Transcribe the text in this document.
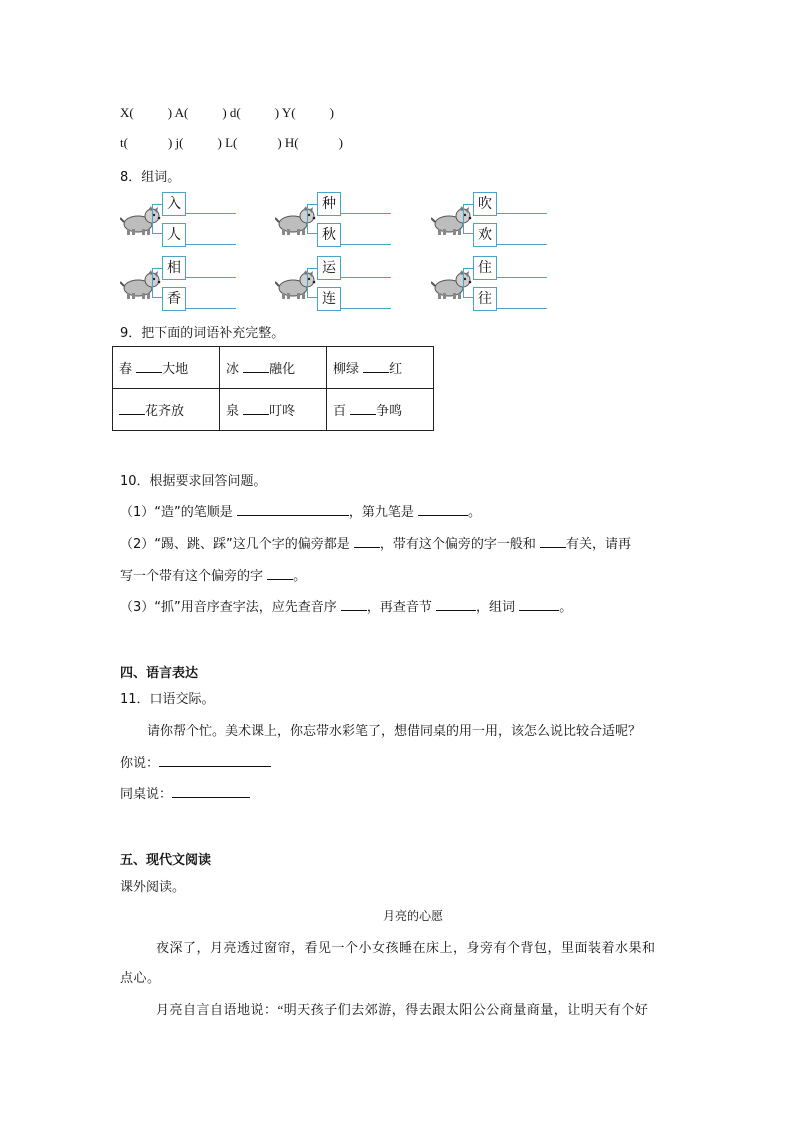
X(	) A(	) d(	) Y(	)
t(	) j(	) L(	) H(	)
8．组词。
入
人
种
秋
吹
欢
相
香
运
连
住
往
9．把下面的词语补充完整。
春 大地	冰 融化	柳绿 红
花齐放	泉 叮咚	百 争鸣
10．根据要求回答问题。
（1）“造”的笔顺是	，第九笔是	。
（2）“踢、跳、踩”这几个字的偏旁都是 ，带有这个偏旁的字一般和 有关，请再
写一个带有这个偏旁的字 。
（3）“抓”用音序查字法，应先查音序 ，再查音节	，组词	。
四、语言表达
11．口语交际。
请你帮个忙。美术课上，你忘带水彩笔了，想借同桌的用一用，该怎么说比较合适呢？
你说：
同桌说：
五、现代文阅读
课外阅读。
月亮的心愿
夜深了，月亮透过窗帘，看见一个小女孩睡在床上，身旁有个背包，里面装着水果和
点心。
月亮自言自语地说：“明天孩子们去郊游，得去跟太阳公公商量商量，让明天有个好
